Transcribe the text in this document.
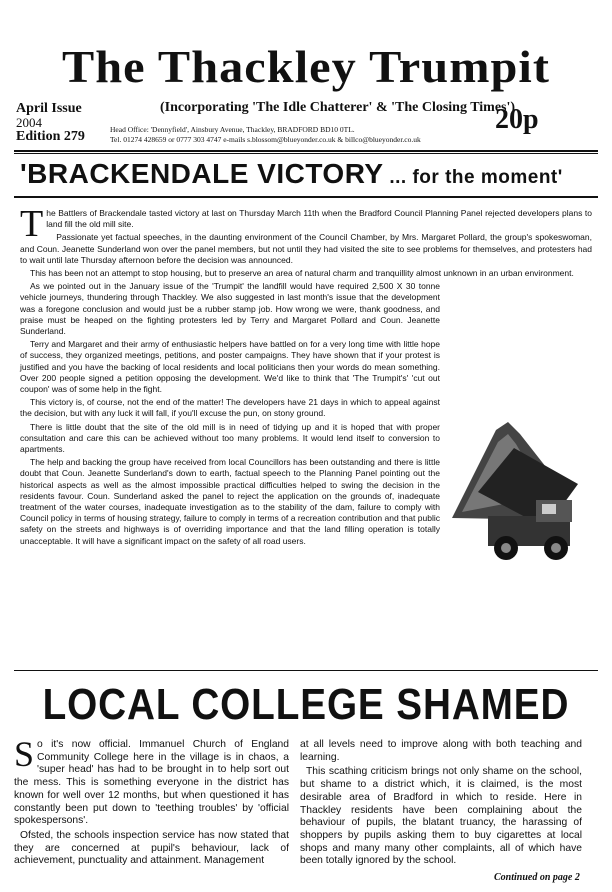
The Thackley Trumpit
April Issue
2004
Edition 279
(Incorporating 'The Idle Chatterer' & 'The Closing Times')
20p
Head Office: 'Dennyfield', Ainsbury Avenue, Thackley, BRADFORD BD10 0TL.
Tel. 01274 428659 or 0777 303 4747 e-mails s.blossom@blueyonder.co.uk & billco@blueyonder.co.uk
'BRACKENDALE VICTORY ... for the moment'

The Battlers of Brackendale tasted victory at last on Thursday March 11th when the Bradford Council Planning Panel rejected developers plans to land fill the old mill site.

Passionate yet factual speeches, in the daunting environment of the Council Chamber, by Mrs. Margaret Pollard, the group's spokeswoman, and Coun. Jeanette Sunderland won over the panel members, but not until they had visited the site to see problems for themselves, and protesters had to wait until late Thursday afternoon before the decision was announced.

This has been not an attempt to stop housing, but to preserve an area of natural charm and tranquillity almost unknown in an urban environment.

As we pointed out in the January issue of the 'Trumpit' the landfill would have required 2,500 X 30 tonne vehicle journeys, thundering through Thackley. We also suggested in last month's issue that the development was a foregone conclusion and would just be a rubber stamp job. How wrong we were, thank goodness, and praise must be heaped on the fighting protesters led by Terry and Margaret Pollard and Coun. Jeanette Sunderland.

Terry and Margaret and their army of enthusiastic helpers have battled on for a very long time with little hope of success, they organized meetings, petitions, and poster campaigns. They have shown that if your protest is justified and you have the backing of local residents and local politicians then your words do mean something. Over 200 people signed a petition opposing the development. We'd like to think that 'The Trumpit's' 'cut out coupon' was of some help in the fight.

This victory is, of course, not the end of the matter! The developers have 21 days in which to appeal against the decision, but with any luck it will fall, if you'll excuse the pun, on stony ground.

There is little doubt that the site of the old mill is in need of tidying up and it is hoped that with proper consultation and care this can be achieved without too many problems. It would lend itself to conversion to apartments.

The help and backing the group have received from local Councillors has been outstanding and there is little doubt that Coun. Jeanette Sunderland's down to earth, factual speech to the Planning Panel pointing out the historical aspects as well as the almost impossible practical difficulties helped to swing the decision in the residents favour. Coun. Sunderland asked the panel to reject the application on the grounds of, inadequate treatment of the water courses, inadequate investigation as to the stability of the dam, failure to comply with Council policy in terms of housing strategy, failure to comply in terms of a recreation contribution and that public safety on the streets and highways is of overriding importance and that the land filling operation is totally unacceptable. It will have a significant impact on the safety of all road users.

LOCAL COLLEGE SHAMED

So it's now official. Immanuel Church of England Community College here in the village is in chaos, a 'super head' has had to be brought in to help sort out the mess. This is something everyone in the district has known for well over 12 months, but when questioned it has constantly been put down to 'teething troubles' by 'official spokespersons'.

Ofsted, the schools inspection service has now stated that they are concerned at pupil's behaviour, lack of achievement, punctuality and attainment. Management

at all levels need to improve along with both teaching and learning.

This scathing criticism brings not only shame on the school, but shame to a district which, it is claimed, is the most desirable area of Bradford in which to reside. Here in Thackley residents have been complaining about the behaviour of pupils, the blatant truancy, the harassing of shoppers by pupils asking them to buy cigarettes at local shops and many many other complaints, all of which have been totally ignored by the school.

Continued on page 2
